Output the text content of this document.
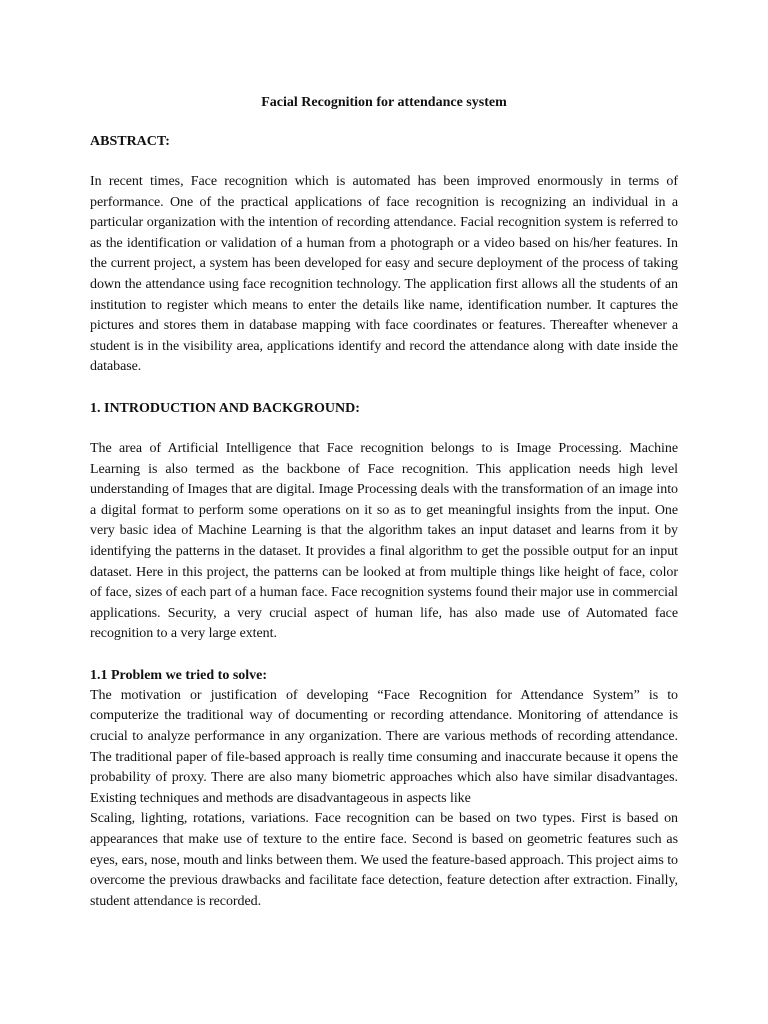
Facial Recognition for attendance system

ABSTRACT:

In recent times, Face recognition which is automated has been improved enormously in terms of performance. One of the practical applications of face recognition is recognizing an individual in a particular organization with the intention of recording attendance. Facial recognition system is referred to as the identification or validation of a human from a photograph or a video based on his/her features. In the current project, a system has been developed for easy and secure deployment of the process of taking down the attendance using face recognition technology. The application first allows all the students of an institution to register which means to enter the details like name, identification number. It captures the pictures and stores them in database mapping with face coordinates or features. Thereafter whenever a student is in the visibility area, applications identify and record the attendance along with date inside the database.

1. INTRODUCTION AND BACKGROUND:

The area of Artificial Intelligence that Face recognition belongs to is Image Processing. Machine Learning is also termed as the backbone of Face recognition. This application needs high level understanding of Images that are digital. Image Processing deals with the transformation of an image into a digital format to perform some operations on it so as to get meaningful insights from the input. One very basic idea of Machine Learning is that the algorithm takes an input dataset and learns from it by identifying the patterns in the dataset. It provides a final algorithm to get the possible output for an input dataset. Here in this project, the patterns can be looked at from multiple things like height of face, color of face, sizes of each part of a human face. Face recognition systems found their major use in commercial applications. Security, a very crucial aspect of human life, has also made use of Automated face recognition to a very large extent.

1.1 Problem we tried to solve:

The motivation or justification of developing “Face Recognition for Attendance System” is to computerize the traditional way of documenting or recording attendance. Monitoring of attendance is crucial to analyze performance in any organization. There are various methods of recording attendance. The traditional paper of file-based approach is really time consuming and inaccurate because it opens the probability of proxy. There are also many biometric approaches which also have similar disadvantages. Existing techniques and methods are disadvantageous in aspects like

Scaling, lighting, rotations, variations. Face recognition can be based on two types. First is based on appearances that make use of texture to the entire face. Second is based on geometric features such as eyes, ears, nose, mouth and links between them. We used the feature-based approach. This project aims to overcome the previous drawbacks and facilitate face detection, feature detection after extraction. Finally, student attendance is recorded.
